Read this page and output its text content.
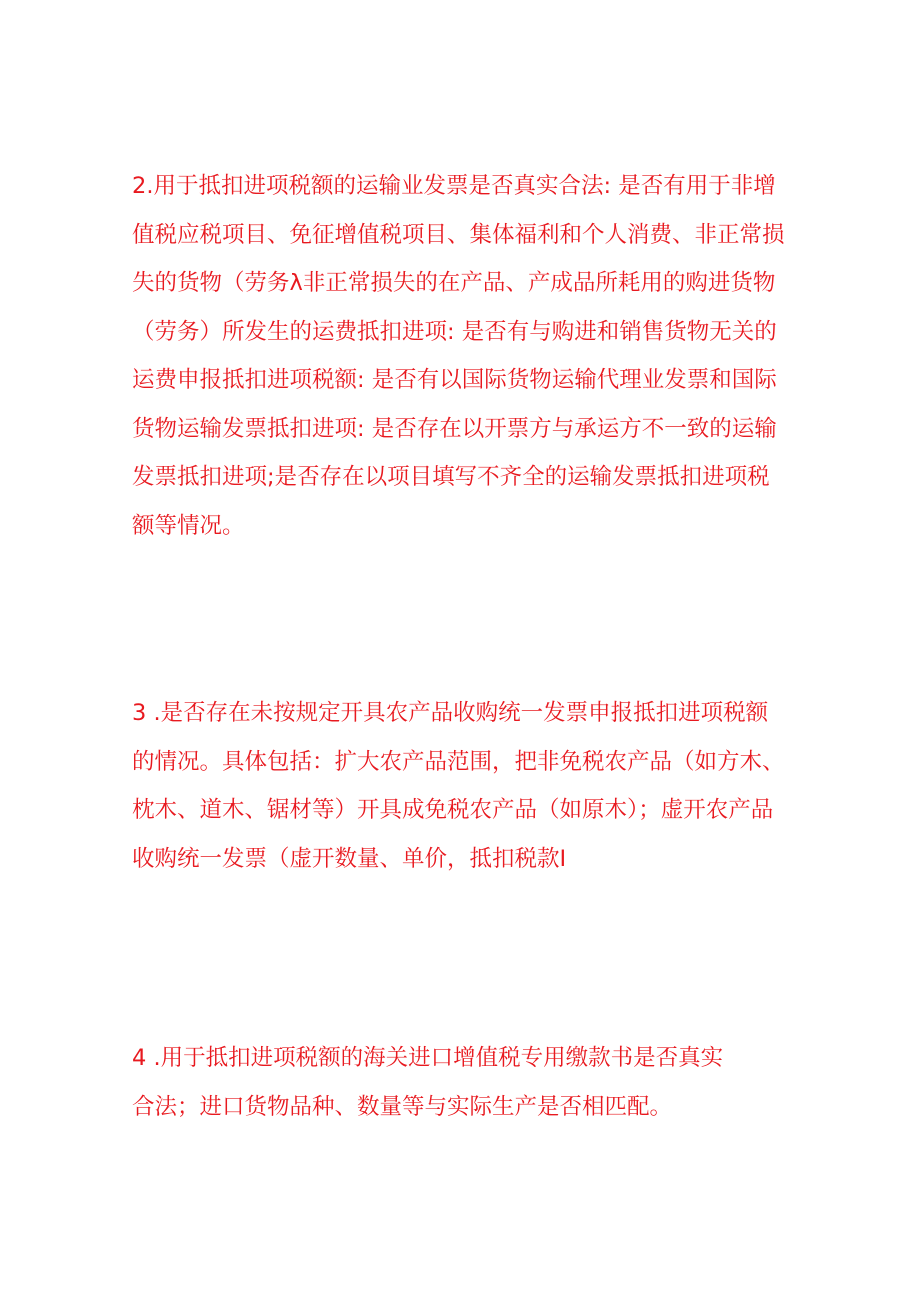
2.用于抵扣进项税额的运输业发票是否真实合法: 是否有用于非增
值税应税项目、免征增值税项目、集体福利和个人消费、非正常损
失的货物（劳务λ非正常损失的在产品、产成品所耗用的购进货物
（劳务）所发生的运费抵扣进项: 是否有与购进和销售货物无关的
运费申报抵扣进项税额: 是否有以国际货物运输代理业发票和国际
货物运输发票抵扣进项: 是否存在以开票方与承运方不一致的运输
发票抵扣进项;是否存在以项目填写不齐全的运输发票抵扣进项税
额等情况。
3 .是否存在未按规定开具农产品收购统一发票申报抵扣进项税额
的情况。具体包括：扩大农产品范围，把非免税农产品（如方木、
枕木、道木、锯材等）开具成免税农产品（如原木）；虚开农产品
收购统一发票（虚开数量、单价，抵扣税款I
4 .用于抵扣进项税额的海关进口增值税专用缴款书是否真实
合法；进口货物品种、数量等与实际生产是否相匹配。
